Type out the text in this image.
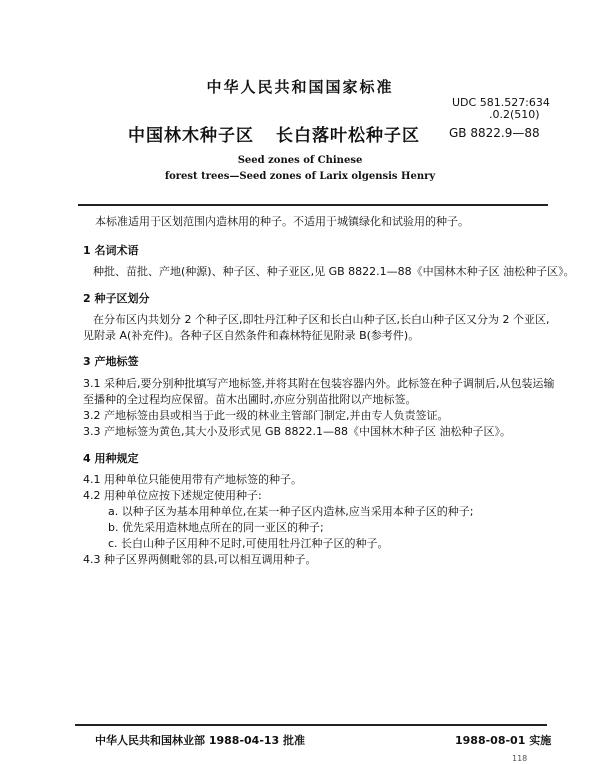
中华人民共和国国家标准
UDC 581.527:634
.0.2(510)
中国林木种子区 长白落叶松种子区 GB 8822.9—88
Seed zones of Chinese
forest trees—Seed zones of Larix olgensis Henry
本标准适用于区划范围内造林用的种子。不适用于城镇绿化和试验用的种子。
1 名词术语
种批、苗批、产地(种源)、种子区、种子亚区,见 GB 8822.1—88《中国林木种子区 油松种子区》。
2 种子区划分
在分布区内共划分 2 个种子区,即牡丹江种子区和长白山种子区,长白山种子区又分为 2 个亚区,
见附录 A(补充件)。各种子区自然条件和森林特征见附录 B(参考件)。
3 产地标签
3.1 采种后,要分别种批填写产地标签,并将其附在包装容器内外。此标签在种子调制后,从包装运输
至播种的全过程均应保留。苗木出圃时,亦应分别苗批附以产地标签。
3.2 产地标签由县或相当于此一级的林业主管部门制定,并由专人负责签证。
3.3 产地标签为黄色,其大小及形式见 GB 8822.1—88《中国林木种子区 油松种子区》。
4 用种规定
4.1 用种单位只能使用带有产地标签的种子。
4.2 用种单位应按下述规定使用种子:
a. 以种子区为基本用种单位,在某一种子区内造林,应当采用本种子区的种子;
b. 优先采用造林地点所在的同一亚区的种子;
c. 长白山种子区用种不足时,可使用牡丹江种子区的种子。
4.3 种子区界两侧毗邻的县,可以相互调用种子。
中华人民共和国林业部 1988-04-13 批准	1988-08-01 实施
118
